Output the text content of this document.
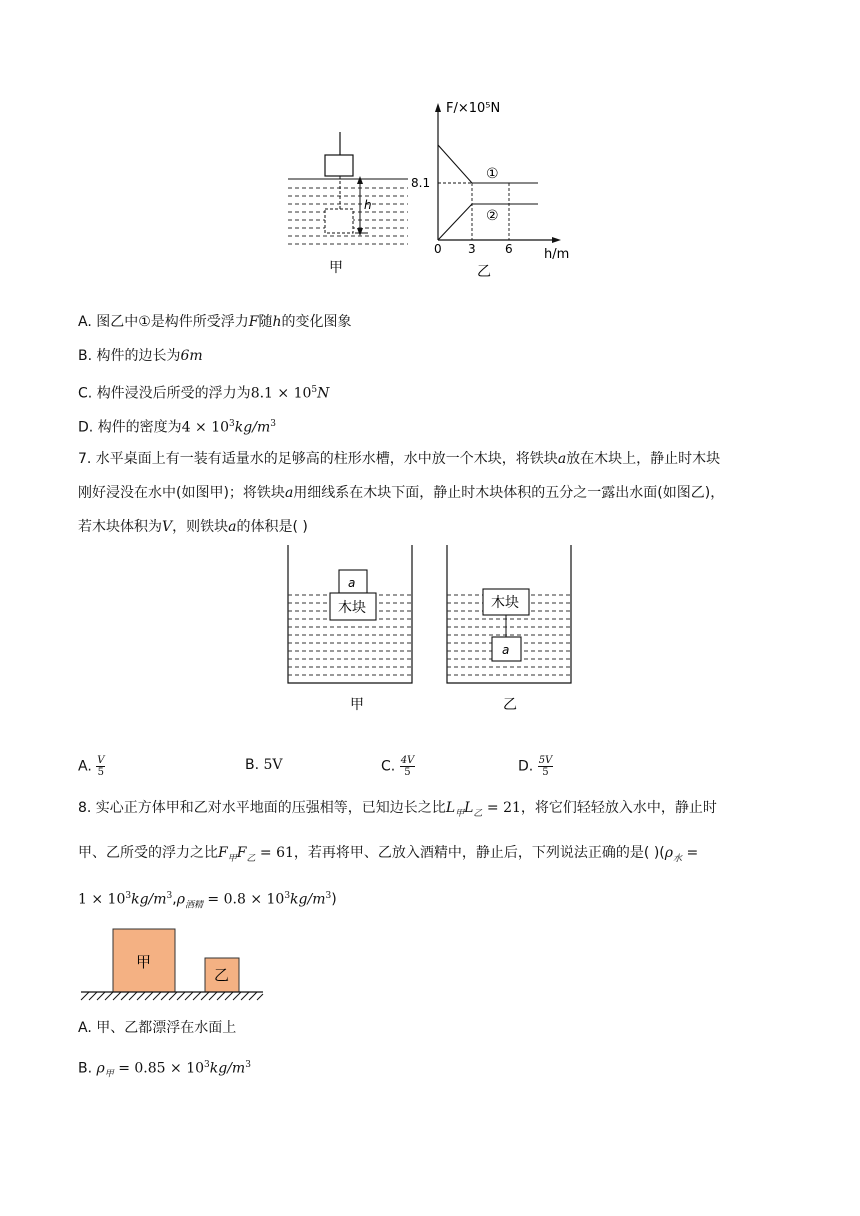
h
甲
F/×10⁵N
8.1
0 3 6 h/m
①
②
乙
A. 图乙中①是构件所受浮力F随h的变化图象
B. 构件的边长为6m
C. 构件浸没后所受的浮力为$8.1 \times 10^5N$
D. 构件的密度为$4 \times 10^3kg/m^3$
7. 水平桌面上有一装有适量水的足够高的柱形水槽，水中放一个木块，将铁块a放在木块上，静止时木块
刚好浸没在水中(如图甲)；将铁块a用细线系在木块下面，静止时木块体积的五分之一露出水面(如图乙)，
若木块体积为V，则铁块a的体积是( )
a
木块
甲
木块
a
乙
A. $\frac{V}{5}$	B. 5V	C. $\frac{4V}{5}$	D. $\frac{5V}{5}$
8. 实心正方体甲和乙对水平地面的压强相等，已知边长之比$L_甲L_乙 = 21$，将它们轻轻放入水中，静止时
甲、乙所受的浮力之比$F_甲F_乙 = 61$，若再将甲、乙放入酒精中，静止后，下列说法正确的是( )($\rho_水$ =
$1 \times 10^3kg/m^3,\rho_{酒精} = 0.8 \times 10^3kg/m^3$)
甲
乙
A. 甲、乙都漂浮在水面上
B. $\rho_甲 = 0.85 \times 10^3kg/m^3$
